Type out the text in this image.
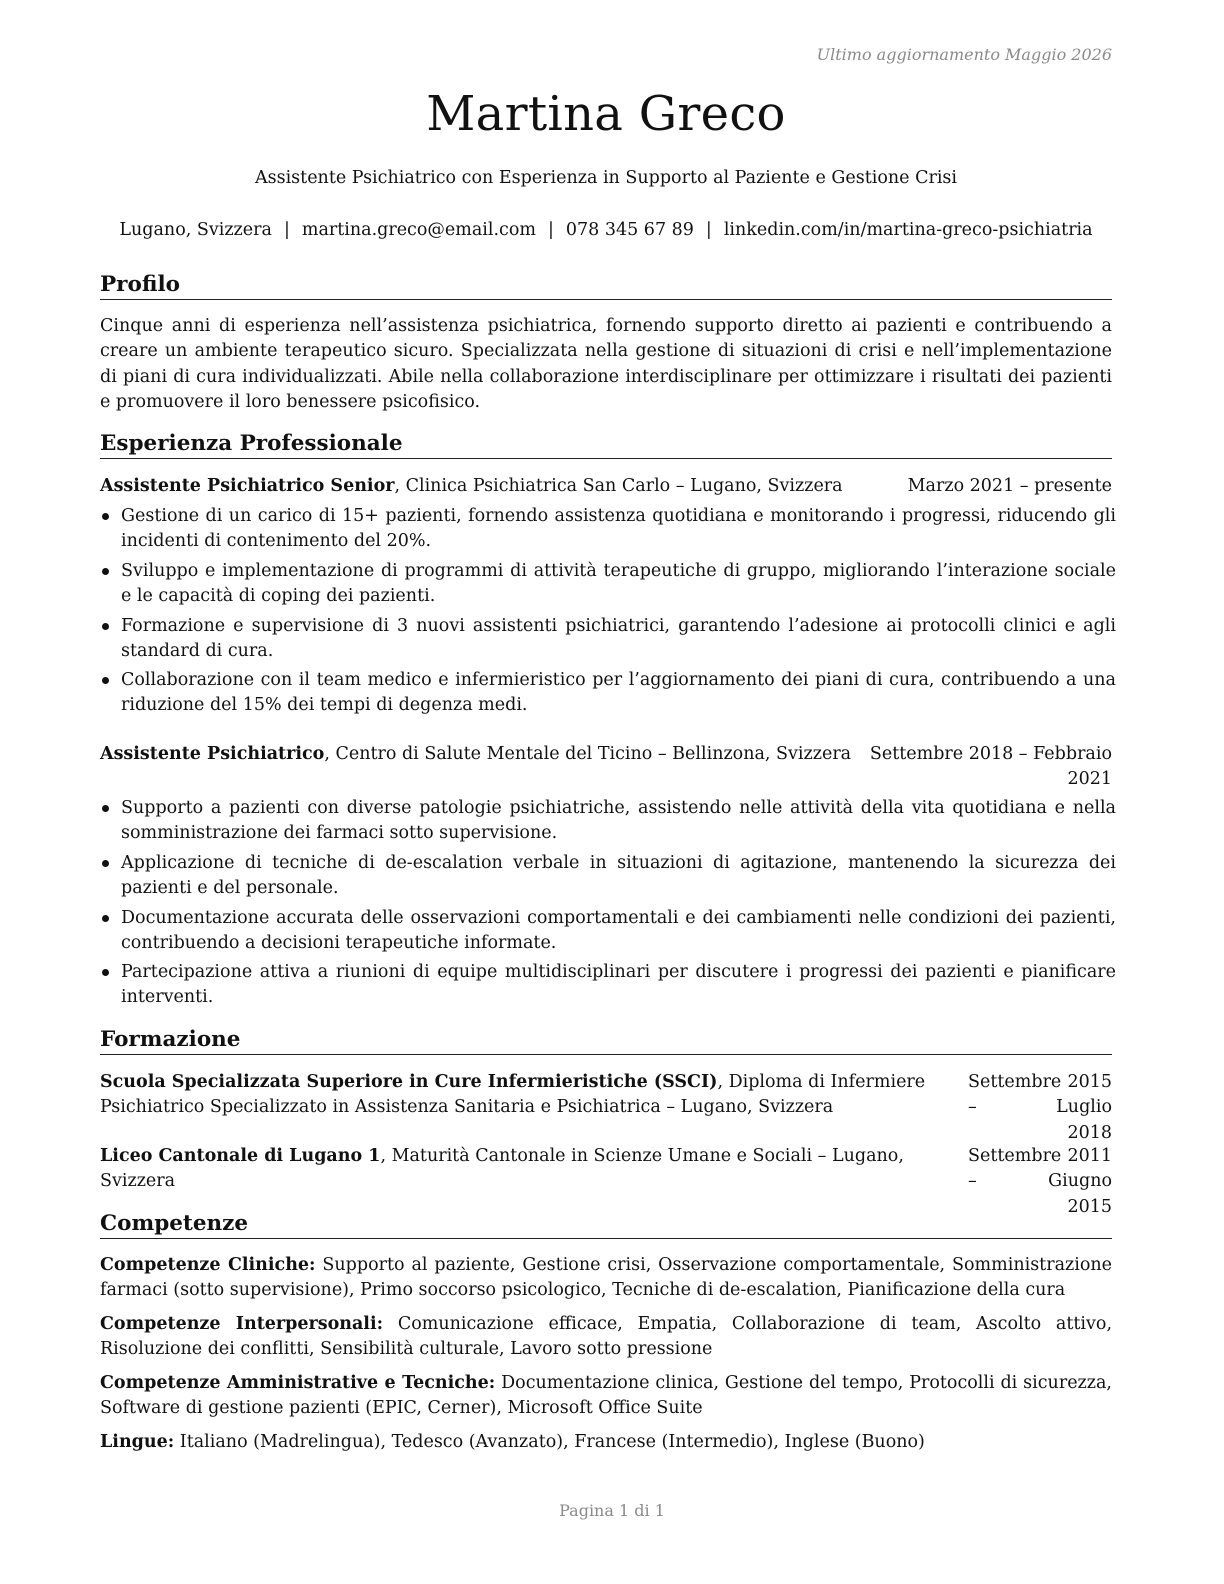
Ultimo aggiornamento Maggio 2026
Martina Greco
Assistente Psichiatrico con Esperienza in Supporto al Paziente e Gestione Crisi
Lugano, Svizzera | martina.greco@email.com | 078 345 67 89 | linkedin.com/in/martina-greco-psichiatria
Profilo

Cinque anni di esperienza nell’assistenza psichiatrica, fornendo supporto diretto ai pazienti e contribuendo a creare un ambiente terapeutico sicuro. Specializzata nella gestione di situazioni di crisi e nell’implementazione di piani di cura individualizzati. Abile nella collaborazione interdisciplinare per ottimizzare i risultati dei pazienti e promuovere il loro benessere psicofisico.

Esperienza Professionale
Assistente Psichiatrico Senior, Clinica Psichiatrica San Carlo – Lugano, Svizzera	Marzo 2021 – presente
Gestione di un carico di 15+ pazienti, fornendo assistenza quotidiana e monitorando i progressi, riducendo gli incidenti di contenimento del 20%.
Sviluppo e implementazione di programmi di attività terapeutiche di gruppo, migliorando l’interazione sociale e le capacità di coping dei pazienti.
Formazione e supervisione di 3 nuovi assistenti psichiatrici, garantendo l’adesione ai protocolli clinici e agli standard di cura.
Collaborazione con il team medico e infermieristico per l’aggiornamento dei piani di cura, contribuendo a una riduzione del 15% dei tempi di degenza medi.
Assistente Psichiatrico, Centro di Salute Mentale del Ticino – Bellinzona, Svizzera Settembre 2018 – Febbraio
2021
Supporto a pazienti con diverse patologie psichiatriche, assistendo nelle attività della vita quotidiana e nella somministrazione dei farmaci sotto supervisione.
Applicazione di tecniche di de-escalation verbale in situazioni di agitazione, mantenendo la sicurezza dei pazienti e del personale.
Documentazione accurata delle osservazioni comportamentali e dei cambiamenti nelle condizioni dei pazienti, contribuendo a decisioni terapeutiche informate.
Partecipazione attiva a riunioni di equipe multidisciplinari per discutere i progressi dei pazienti e pianificare interventi.
Formazione
Scuola Specializzata Superiore in Cure Infermieristiche (SSCI), Diploma di Infermiere Psichiatrico Specializzato in Assistenza Sanitaria e Psichiatrica – Lugano, Svizzera
Settembre 2015 – Luglio
2018
Liceo Cantonale di Lugano 1, Maturità Cantonale in Scienze Umane e Sociali – Lugano, Svizzera
Settembre 2011 – Giugno
2015
Competenze

Competenze Cliniche: Supporto al paziente, Gestione crisi, Osservazione comportamentale, Somministrazione farmaci (sotto supervisione), Primo soccorso psicologico, Tecniche di de-escalation, Pianificazione della cura

Competenze Interpersonali: Comunicazione efficace, Empatia, Collaborazione di team, Ascolto attivo, Risoluzione dei conflitti, Sensibilità culturale, Lavoro sotto pressione

Competenze Amministrative e Tecniche: Documentazione clinica, Gestione del tempo, Protocolli di sicurezza, Software di gestione pazienti (EPIC, Cerner), Microsoft Office Suite

Lingue: Italiano (Madrelingua), Tedesco (Avanzato), Francese (Intermedio), Inglese (Buono)

Pagina 1 di 1
